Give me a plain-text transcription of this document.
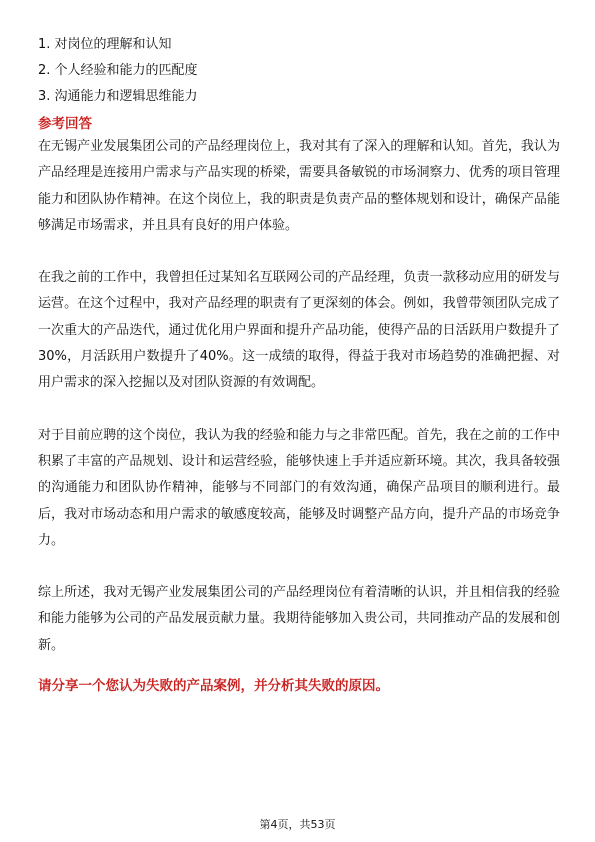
1. 对岗位的理解和认知
2. 个人经验和能力的匹配度
3. 沟通能力和逻辑思维能力
参考回答

在无锡产业发展集团公司的产品经理岗位上，我对其有了深入的理解和认知。首先，我认为产品经理是连接用户需求与产品实现的桥梁，需要具备敏锐的市场洞察力、优秀的项目管理能力和团队协作精神。在这个岗位上，我的职责是负责产品的整体规划和设计，确保产品能够满足市场需求，并且具有良好的用户体验。

在我之前的工作中，我曾担任过某知名互联网公司的产品经理，负责一款移动应用的研发与运营。在这个过程中，我对产品经理的职责有了更深刻的体会。例如，我曾带领团队完成了一次重大的产品迭代，通过优化用户界面和提升产品功能，使得产品的日活跃用户数提升了30%，月活跃用户数提升了40%。这一成绩的取得，得益于我对市场趋势的准确把握、对用户需求的深入挖掘以及对团队资源的有效调配。

对于目前应聘的这个岗位，我认为我的经验和能力与之非常匹配。首先，我在之前的工作中积累了丰富的产品规划、设计和运营经验，能够快速上手并适应新环境。其次，我具备较强的沟通能力和团队协作精神，能够与不同部门的有效沟通，确保产品项目的顺利进行。最后，我对市场动态和用户需求的敏感度较高，能够及时调整产品方向，提升产品的市场竞争力。

综上所述，我对无锡产业发展集团公司的产品经理岗位有着清晰的认识，并且相信我的经验和能力能够为公司的产品发展贡献力量。我期待能够加入贵公司，共同推动产品的发展和创新。

请分享一个您认为失败的产品案例，并分析其失败的原因。
第4页，共53页
